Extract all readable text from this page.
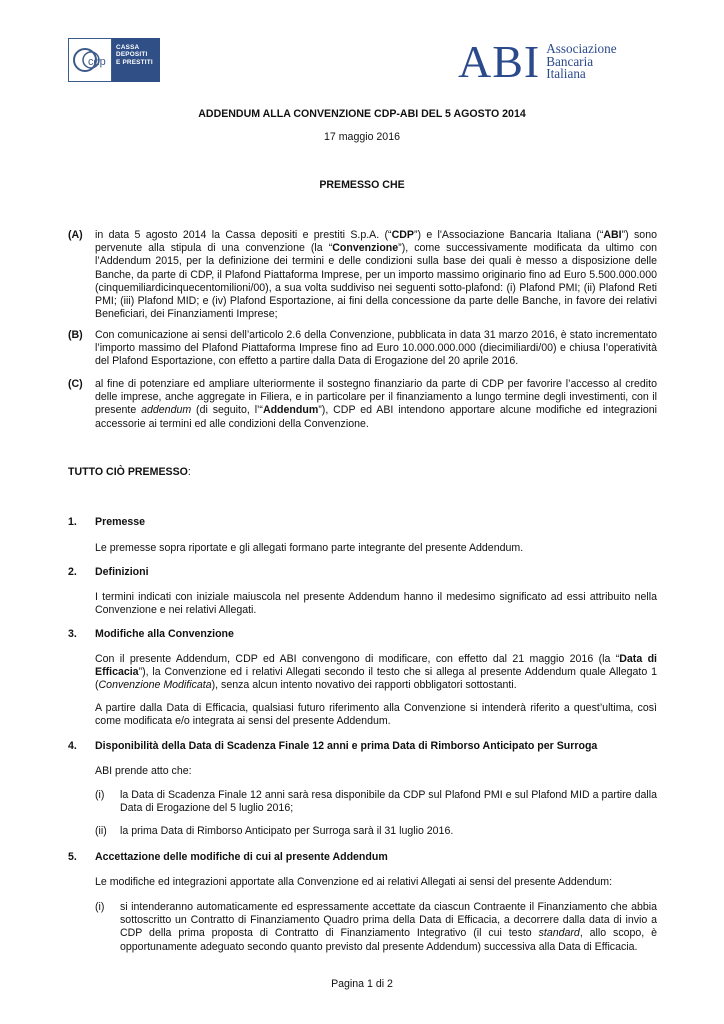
cdp
CASSA
DEPOSITI
E PRESTITI	ABI Associazione
Bancaria
Italiana
ADDENDUM ALLA CONVENZIONE CDP-ABI DEL 5 AGOSTO 2014
17 maggio 2016
PREMESSO CHE
(A) in data 5 agosto 2014 la Cassa depositi e prestiti S.p.A. (“CDP”) e l'Associazione Bancaria Italiana (“ABI”) sono pervenute alla stipula di una convenzione (la “Convenzione”), come successivamente modificata da ultimo con l’Addendum 2015, per la definizione dei termini e delle condizioni sulla base dei quali è messo a disposizione delle Banche, da parte di CDP, il Plafond Piattaforma Imprese, per un importo massimo originario fino ad Euro 5.500.000.000 (cinquemiliardicinquecentomilioni/00), a sua volta suddiviso nei seguenti sotto-plafond: (i) Plafond PMI; (ii) Plafond Reti PMI; (iii) Plafond MID; e (iv) Plafond Esportazione, ai fini della concessione da parte delle Banche, in favore dei relativi Beneficiari, dei Finanziamenti Imprese;
(B) Con comunicazione ai sensi dell’articolo 2.6 della Convenzione, pubblicata in data 31 marzo 2016, è stato incrementato l’importo massimo del Plafond Piattaforma Imprese fino ad Euro 10.000.000.000 (diecimiliardi/00) e chiusa l’operatività del Plafond Esportazione, con effetto a partire dalla Data di Erogazione del 20 aprile 2016.
(C) al fine di potenziare ed ampliare ulteriormente il sostegno finanziario da parte di CDP per favorire l’accesso al credito delle imprese, anche aggregate in Filiera, e in particolare per il finanziamento a lungo termine degli investimenti, con il presente addendum (di seguito, l’“Addendum”), CDP ed ABI intendono apportare alcune modifiche ed integrazioni accessorie ai termini ed alle condizioni della Convenzione.
TUTTO CIÒ PREMESSO:
1. Premesse
Le premesse sopra riportate e gli allegati formano parte integrante del presente Addendum.
2. Definizioni
I termini indicati con iniziale maiuscola nel presente Addendum hanno il medesimo significato ad essi attribuito nella Convenzione e nei relativi Allegati.
3. Modifiche alla Convenzione
Con il presente Addendum, CDP ed ABI convengono di modificare, con effetto dal 21 maggio 2016 (la “Data di Efficacia”), la Convenzione ed i relativi Allegati secondo il testo che si allega al presente Addendum quale Allegato 1 (Convenzione Modificata), senza alcun intento novativo dei rapporti obbligatori sottostanti.
A partire dalla Data di Efficacia, qualsiasi futuro riferimento alla Convenzione si intenderà riferito a quest’ultima, così come modificata e/o integrata ai sensi del presente Addendum.
4. Disponibilità della Data di Scadenza Finale 12 anni e prima Data di Rimborso Anticipato per Surroga
ABI prende atto che:
(i) la Data di Scadenza Finale 12 anni sarà resa disponibile da CDP sul Plafond PMI e sul Plafond MID a partire dalla Data di Erogazione del 5 luglio 2016;
(ii) la prima Data di Rimborso Anticipato per Surroga sarà il 31 luglio 2016.
5. Accettazione delle modifiche di cui al presente Addendum
Le modifiche ed integrazioni apportate alla Convenzione ed ai relativi Allegati ai sensi del presente Addendum:
(i) si intenderanno automaticamente ed espressamente accettate da ciascun Contraente il Finanziamento che abbia sottoscritto un Contratto di Finanziamento Quadro prima della Data di Efficacia, a decorrere dalla data di invio a CDP della prima proposta di Contratto di Finanziamento Integrativo (il cui testo standard, allo scopo, è opportunamente adeguato secondo quanto previsto dal presente Addendum) successiva alla Data di Efficacia.
Pagina 1 di 2
